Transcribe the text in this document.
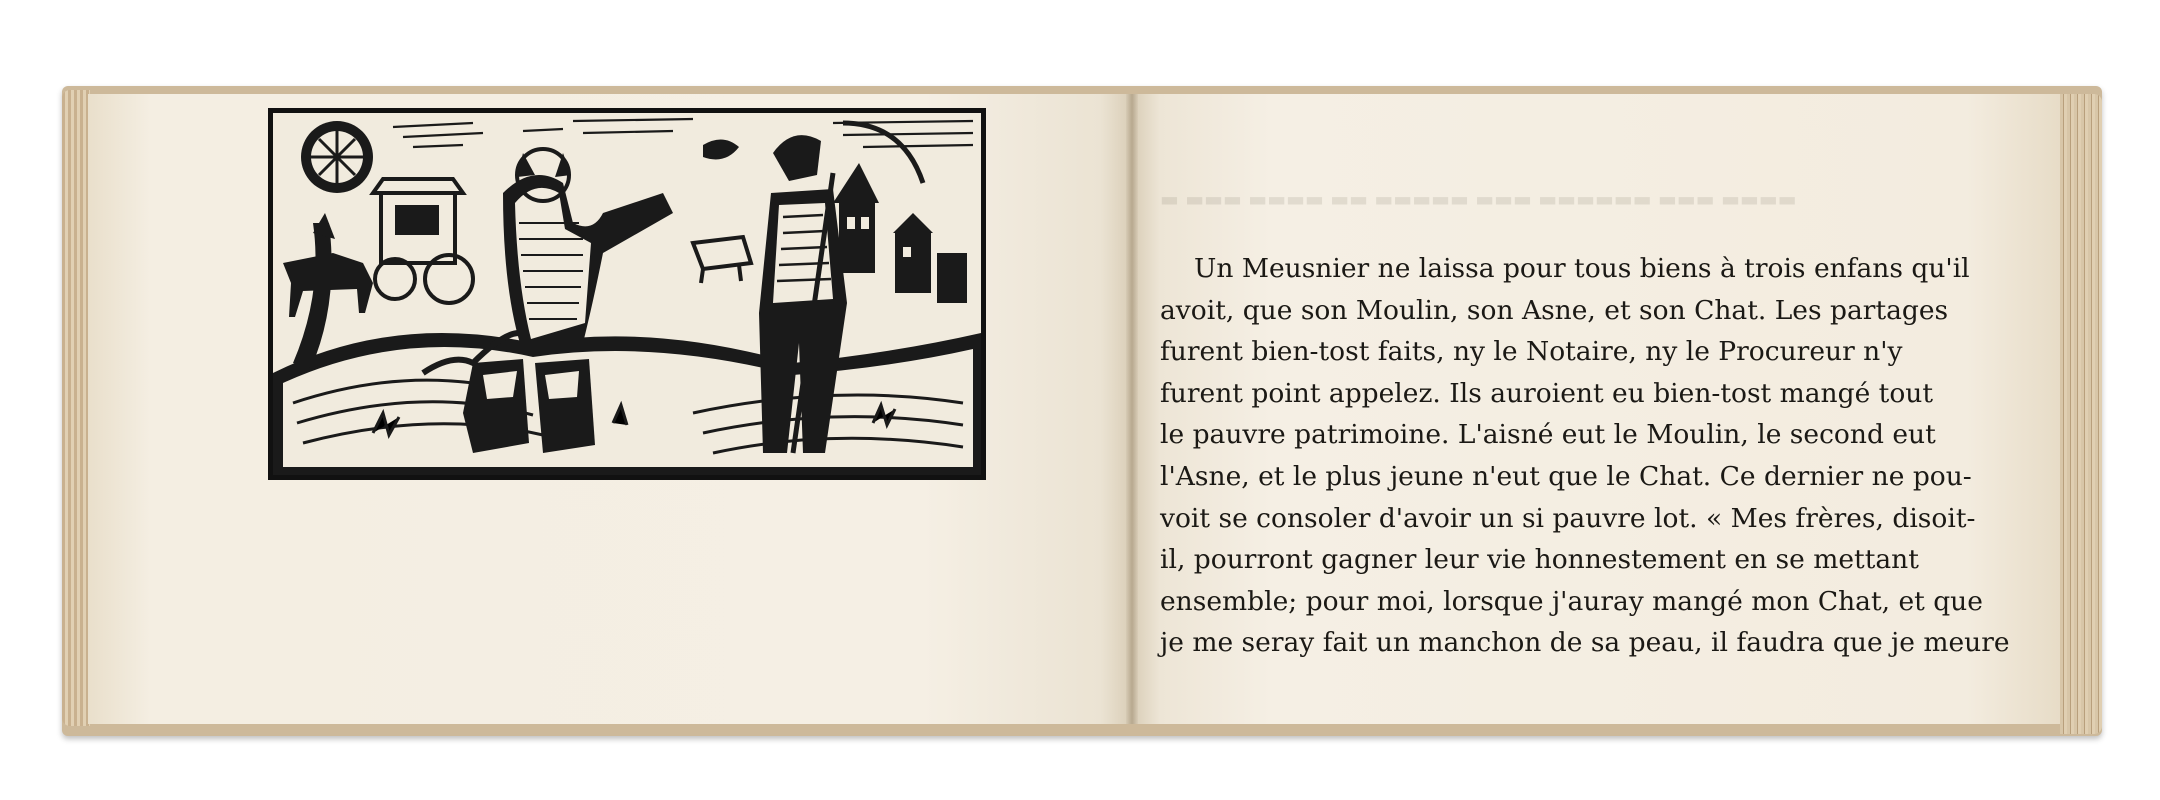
▬ ▬▬▬ ▬▬▬▬ ▬▬ ▬▬▬▬▬ ▬▬▬ ▬▬▬▬▬▬ ▬▬▬ ▬▬▬▬
Un Meusnier ne laissa pour tous biens à trois enfans qu'il
avoit, que son Moulin, son Asne, et son Chat. Les partages
furent bien-tost faits, ny le Notaire, ny le Procureur n'y
furent point appelez. Ils auroient eu bien-tost mangé tout
le pauvre patrimoine. L'aisné eut le Moulin, le second eut
l'Asne, et le plus jeune n'eut que le Chat. Ce dernier ne pou-
voit se consoler d'avoir un si pauvre lot. « Mes frères, disoit-
il, pourront gagner leur vie honnestement en se mettant
ensemble; pour moi, lorsque j'auray mangé mon Chat, et que
je me seray fait un manchon de sa peau, il faudra que je meure
